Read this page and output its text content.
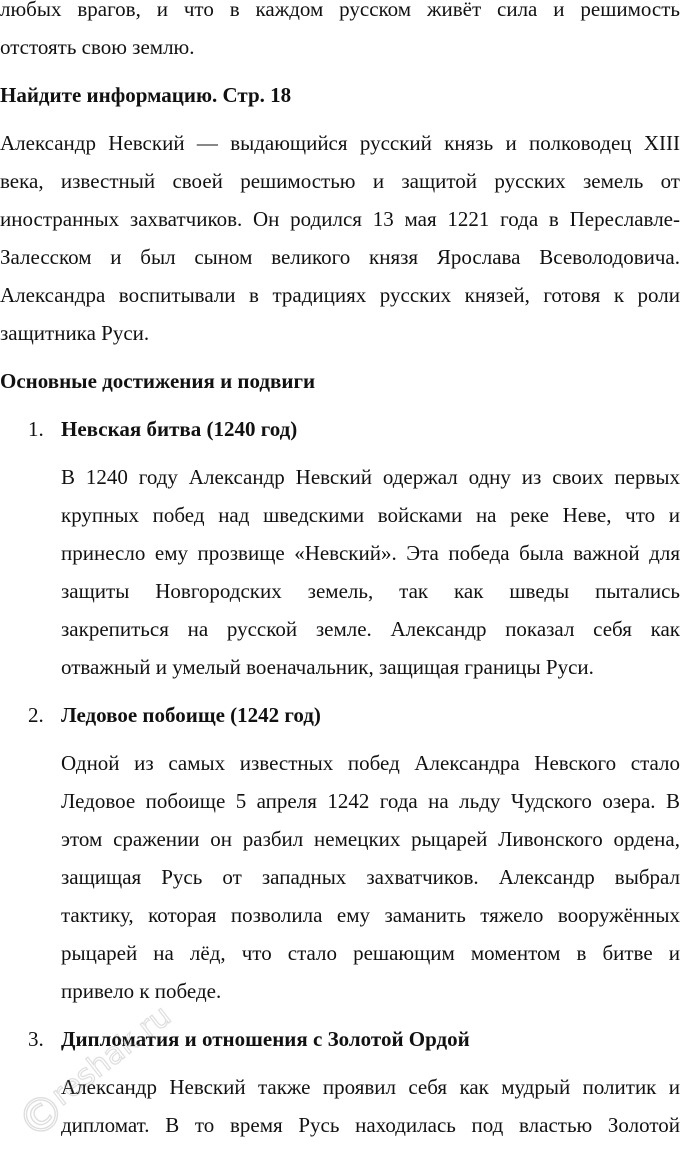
любых врагов, и что в каждом русском живёт сила и решимость
отстоять свою землю.
Найдите информацию. Стр. 18
Александр Невский — выдающийся русский князь и полководец XIII
века, известный своей решимостью и защитой русских земель от
иностранных захватчиков. Он родился 13 мая 1221 года в Переславле-
Залесском и был сыном великого князя Ярослава Всеволодовича.
Александра воспитывали в традициях русских князей, готовя к роли
защитника Руси.
Основные достижения и подвиги
1. Невская битва (1240 год)
В 1240 году Александр Невский одержал одну из своих первых
крупных побед над шведскими войсками на реке Неве, что и
принесло ему прозвище «Невский». Эта победа была важной для
защиты Новгородских земель, так как шведы пытались
закрепиться на русской земле. Александр показал себя как
отважный и умелый военачальник, защищая границы Руси.
2. Ледовое побоище (1242 год)
Одной из самых известных побед Александра Невского стало
Ледовое побоище 5 апреля 1242 года на льду Чудского озера. В
этом сражении он разбил немецких рыцарей Ливонского ордена,
защищая Русь от западных захватчиков. Александр выбрал
тактику, которая позволила ему заманить тяжело вооружённых
рыцарей на лёд, что стало решающим моментом в битве и
привело к победе.
3. Дипломатия и отношения с Золотой Ордой
Александр Невский также проявил себя как мудрый политик и
дипломат. В то время Русь находилась под властью Золотой
©
reshak.ru
